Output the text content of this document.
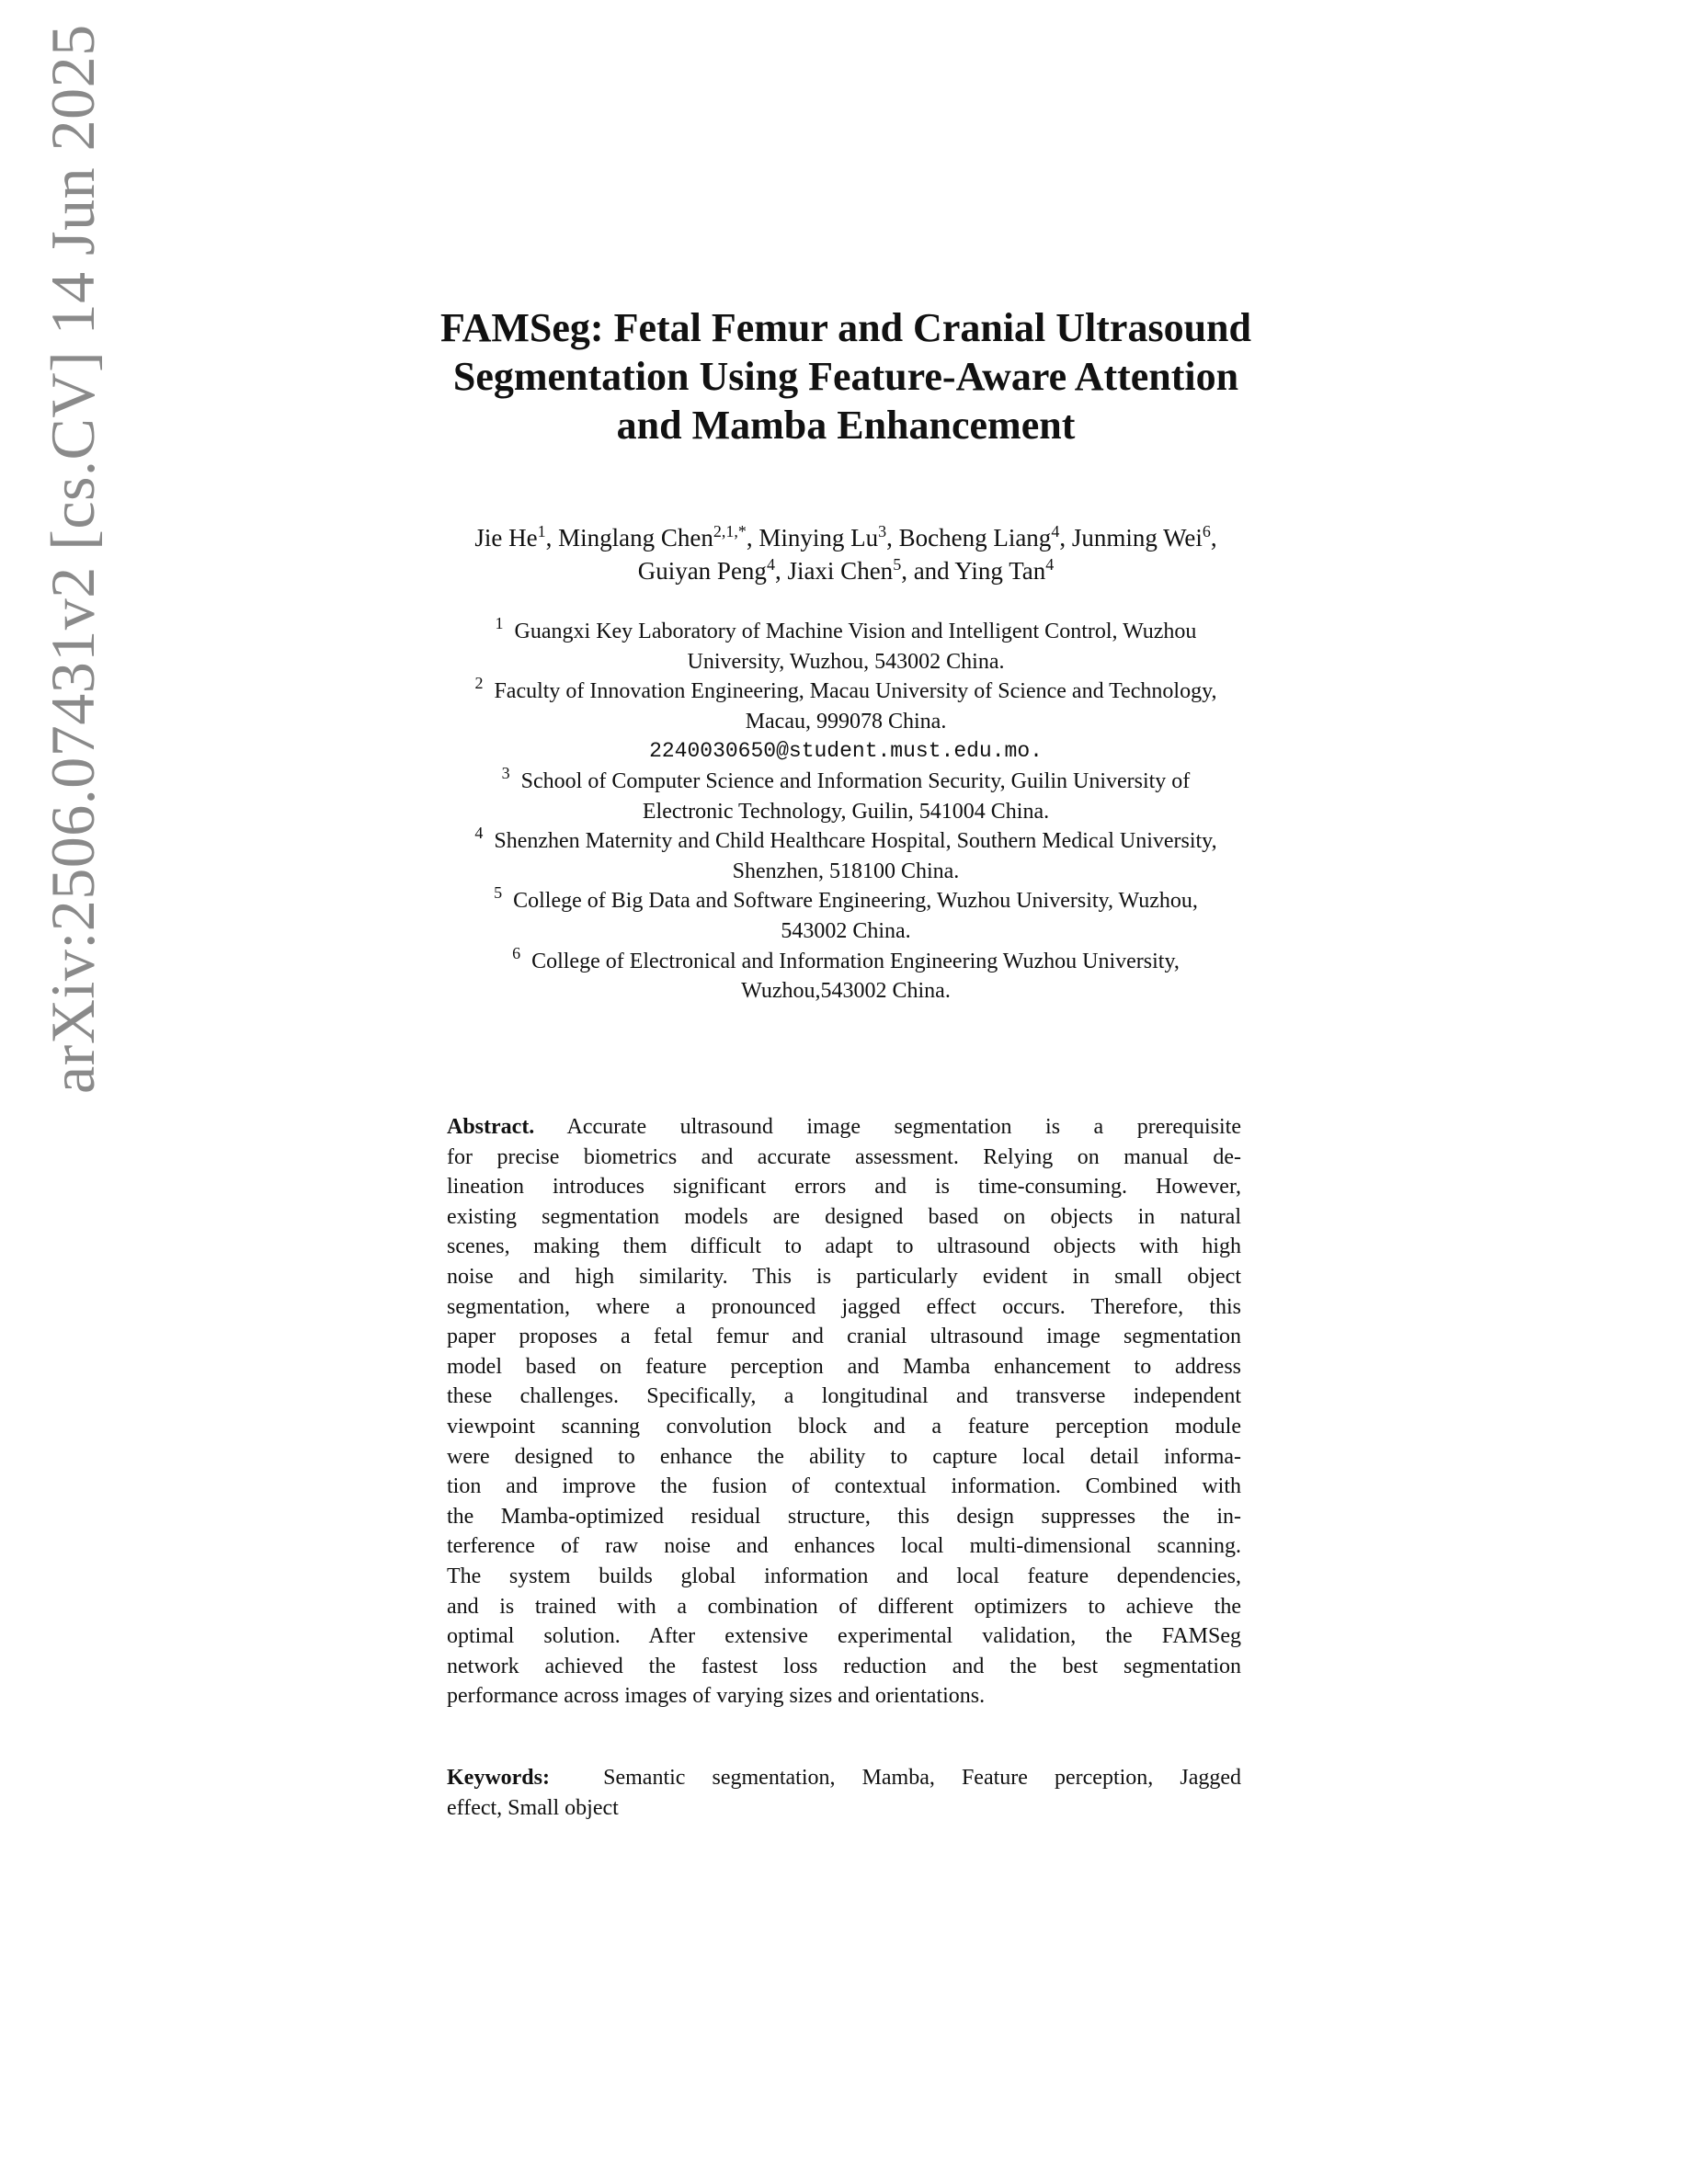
arXiv:2506.07431v2 [cs.CV] 14 Jun 2025	FAMSeg: Fetal Femur and Cranial Ultrasound
Segmentation Using Feature-Aware Attention
and Mamba Enhancement
Jie He$^1$, Minglang Chen$^{2,1,*}$, Minying Lu$^3$, Bocheng Liang$^4$, Junming Wei$^6$,
Guiyan Peng$^4$, Jiaxi Chen$^5$, and Ying Tan$^4$
$^1$ Guangxi Key Laboratory of Machine Vision and Intelligent Control, Wuzhou
University, Wuzhou, 543002 China.
$^2$ Faculty of Innovation Engineering, Macau University of Science and Technology,
Macau, 999078 China.
2240030650@student.must.edu.mo.
$^3$ School of Computer Science and Information Security, Guilin University of
Electronic Technology, Guilin, 541004 China.
$^4$ Shenzhen Maternity and Child Healthcare Hospital, Southern Medical University,
Shenzhen, 518100 China.
$^5$ College of Big Data and Software Engineering, Wuzhou University, Wuzhou,
543002 China.
$^6$ College of Electronical and Information Engineering Wuzhou University,
Wuzhou,543002 China.
Abstract. Accurate ultrasound image segmentation is a prerequisite
for precise biometrics and accurate assessment. Relying on manual de-
lineation introduces significant errors and is time-consuming. However,
existing segmentation models are designed based on objects in natural
scenes, making them difficult to adapt to ultrasound objects with high
noise and high similarity. This is particularly evident in small object
segmentation, where a pronounced jagged effect occurs. Therefore, this
paper proposes a fetal femur and cranial ultrasound image segmentation
model based on feature perception and Mamba enhancement to address
these challenges. Specifically, a longitudinal and transverse independent
viewpoint scanning convolution block and a feature perception module
were designed to enhance the ability to capture local detail informa-
tion and improve the fusion of contextual information. Combined with
the Mamba-optimized residual structure, this design suppresses the in-
terference of raw noise and enhances local multi-dimensional scanning.
The system builds global information and local feature dependencies,
and is trained with a combination of different optimizers to achieve the
optimal solution. After extensive experimental validation, the FAMSeg
network achieved the fastest loss reduction and the best segmentation
performance across images of varying sizes and orientations.
Keywords: Semantic segmentation, Mamba, Feature perception, Jagged
effect, Small object
